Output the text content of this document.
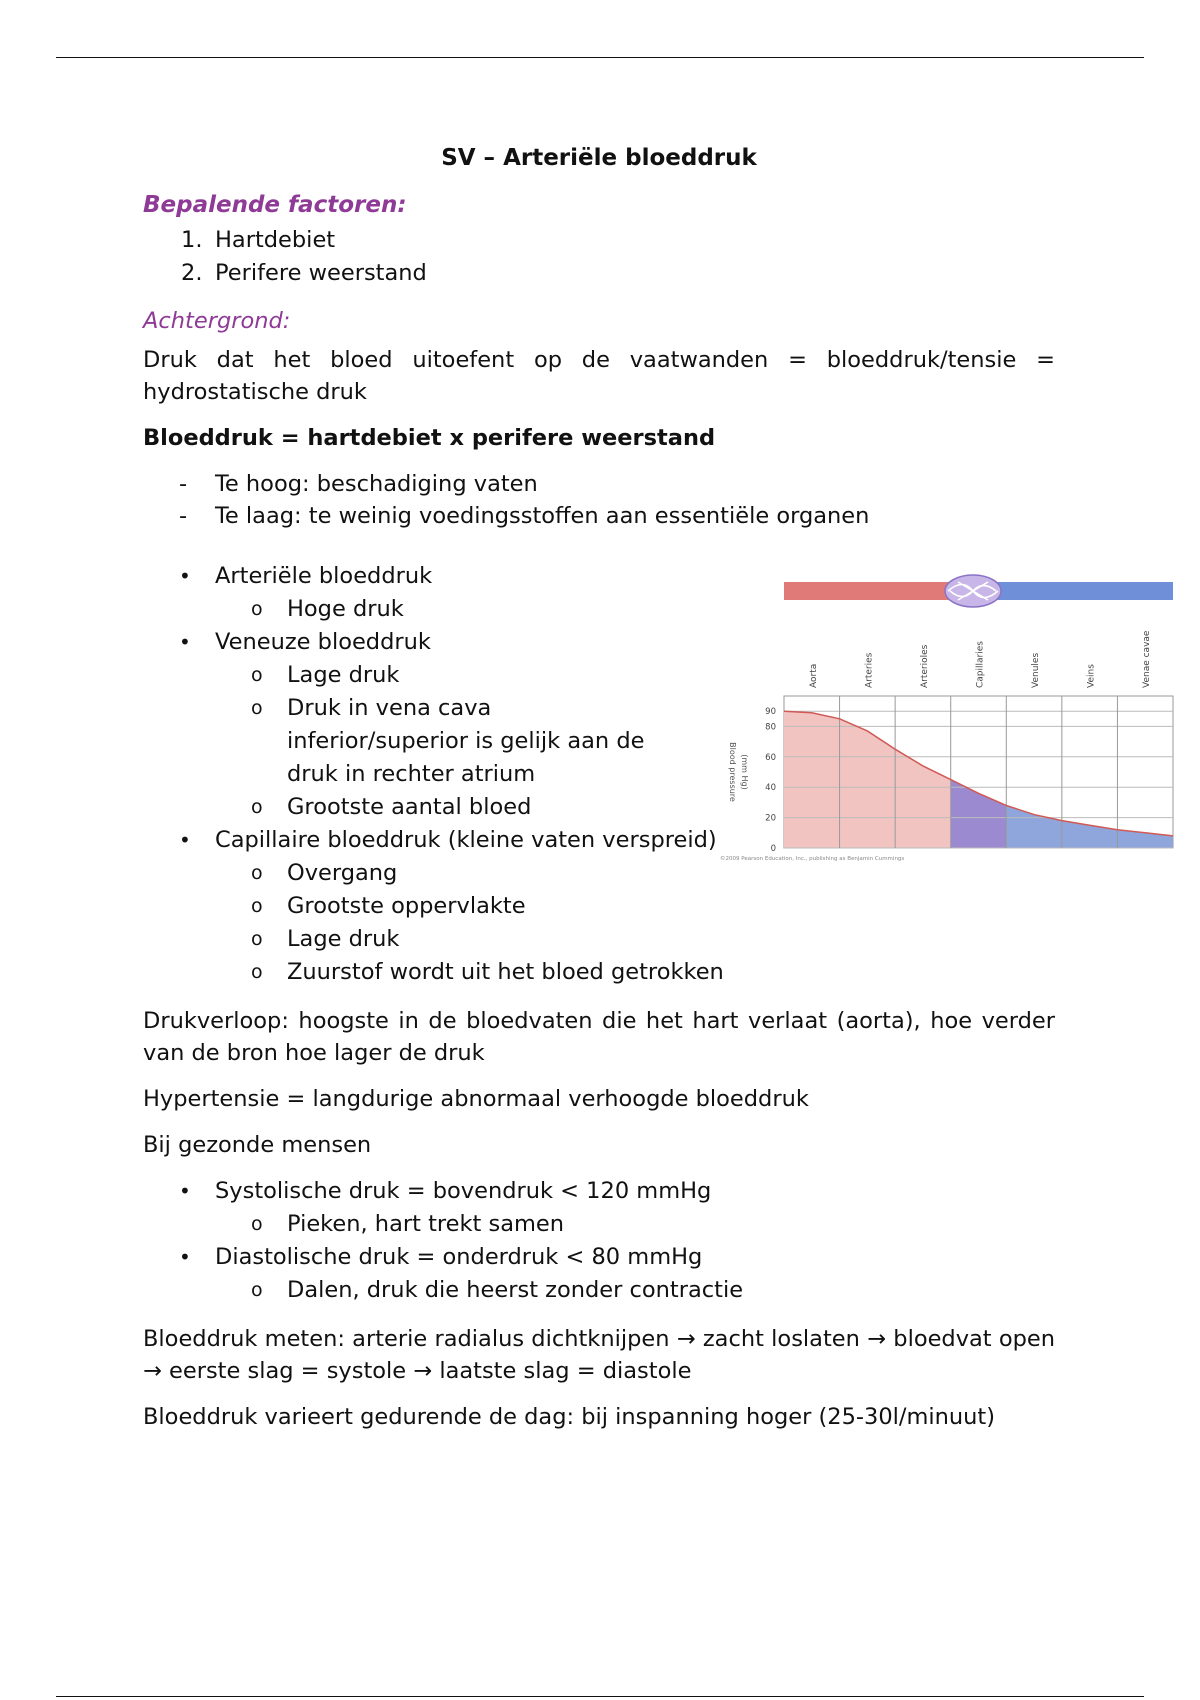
SV – Arteriële bloeddruk
Bepalende factoren:
1. Hartdebiet
2. Perifere weerstand
Achtergrond:

Druk dat het bloed uitoefent op de vaatwanden = bloeddruk/tensie = hydrostatische druk

Bloeddruk = hartdebiet x perifere weerstand

- Te hoog: beschadiging vaten
- Te laag: te weinig voedingsstoffen aan essentiële organen
• Arteriële bloeddruk
o Hoge druk
• Veneuze bloeddruk
o Lage druk
o Druk in vena cava inferior/superior is gelijk aan de druk in rechter atrium
o Grootste aantal bloed
• Capillaire bloeddruk (kleine vaten verspreid)
o Overgang
o Grootste oppervlakte
o Lage druk
o Zuurstof wordt uit het bloed getrokken

Drukverloop: hoogste in de bloedvaten die het hart verlaat (aorta), hoe verder van de bron hoe lager de druk

Hypertensie = langdurige abnormaal verhoogde bloeddruk

Bij gezonde mensen

• Systolische druk = bovendruk < 120 mmHg
o Pieken, hart trekt samen
• Diastolische druk = onderdruk < 80 mmHg
o Dalen, druk die heerst zonder contractie

Bloeddruk meten: arterie radialus dichtknijpen → zacht loslaten → bloedvat open → eerste slag = systole → laatste slag = diastole

Bloeddruk varieert gedurende de dag: bij inspanning hoger (25-30l/minuut)

Aorta	Arteries	Arterioles	Capillaries	Venules	Veins	Venae cavae
0
20
40
60
80
90
Blood pressure (mm Hg)
©2009 Pearson Education, Inc., publishing as Benjamin Cummings
